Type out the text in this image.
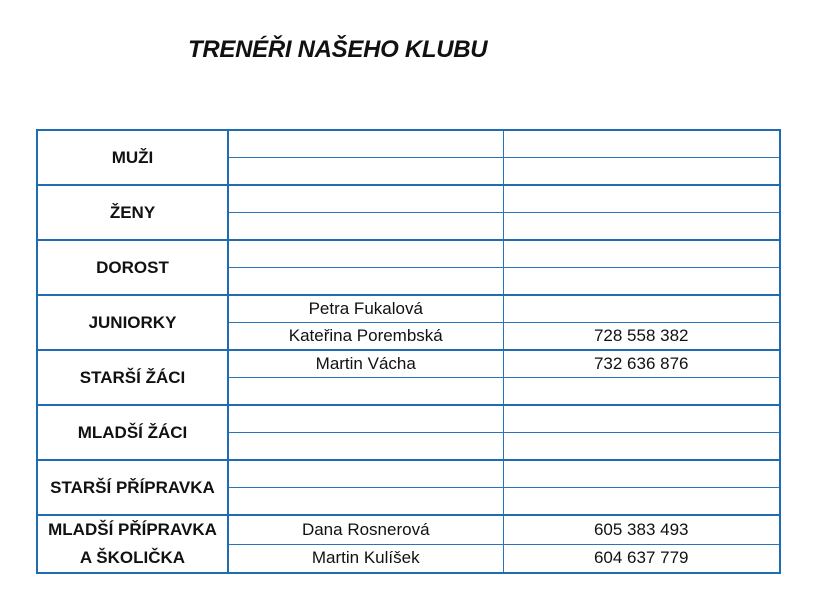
TRENÉŘI NAŠEHO KLUBU
MUŽI		

ŽENY		

DOROST		

JUNIORKY	Petra Fukalová	
	Kateřina Porembská	728 558 382

STARŠÍ ŽÁCI	Martin Vácha	732 636 876

MLADŠÍ ŽÁCI		

STARŠÍ PŘÍPRAVKA		

MLADŠÍ PŘÍPRAVKA
A ŠKOLIČKA	Dana Rosnerová	605 383 493
	Martin Kulíšek	604 637 779
